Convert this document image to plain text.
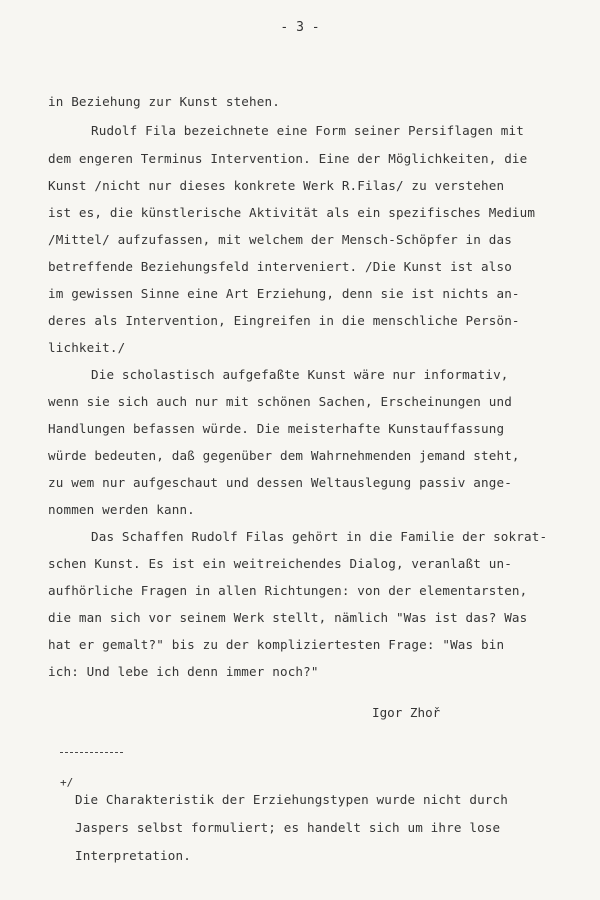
- 3 -

in Beziehung zur Kunst stehen.

Rudolf Fila bezeichnete eine Form seiner Persiflagen mit

dem engeren Terminus Intervention. Eine der Möglichkeiten, die

Kunst /nicht nur dieses konkrete Werk R.Filas/ zu verstehen

ist es, die künstlerische Aktivität als ein spezifisches Medium

/Mittel/ aufzufassen, mit welchem der Mensch-Schöpfer in das

betreffende Beziehungsfeld interveniert. /Die Kunst ist also

im gewissen Sinne eine Art Erziehung, denn sie ist nichts an-

deres als Intervention, Eingreifen in die menschliche Persön-

lichkeit./

Die scholastisch aufgefaßte Kunst wäre nur informativ,

wenn sie sich auch nur mit schönen Sachen, Erscheinungen und

Handlungen befassen würde. Die meisterhafte Kunstauffassung

würde bedeuten, daß gegenüber dem Wahrnehmenden jemand steht,

zu wem nur aufgeschaut und dessen Weltauslegung passiv ange-

nommen werden kann.

Das Schaffen Rudolf Filas gehört in die Familie der sokrat-

schen Kunst. Es ist ein weitreichendes Dialog, veranlaßt un-

aufhörliche Fragen in allen Richtungen: von der elementarsten,

die man sich vor seinem Werk stellt, nämlich "Was ist das? Was

hat er gemalt?" bis zu der kompliziertesten Frage: "Was bin

ich: Und lebe ich denn immer noch?"

Igor Zhoř

+/

Die Charakteristik der Erziehungstypen wurde nicht durch

Jaspers selbst formuliert; es handelt sich um ihre lose

Interpretation.
